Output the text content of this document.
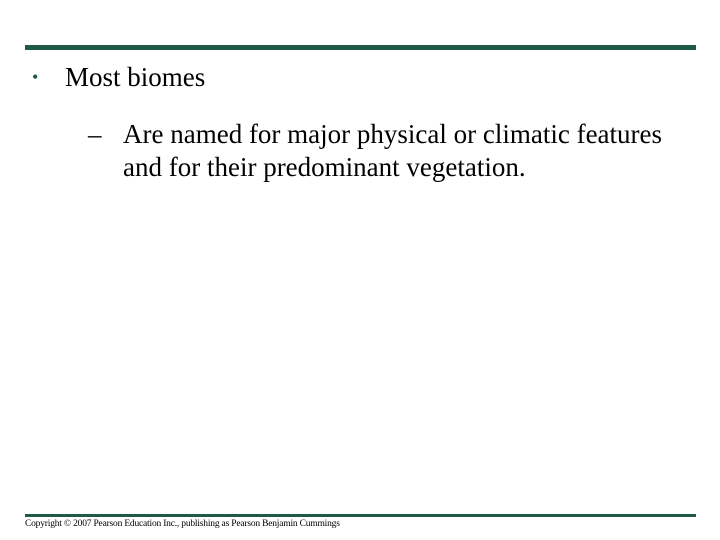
• Most biomes
– Are named for major physical or climatic features and for their predominant vegetation.
Copyright © 2007 Pearson Education Inc., publishing as Pearson Benjamin Cummings
